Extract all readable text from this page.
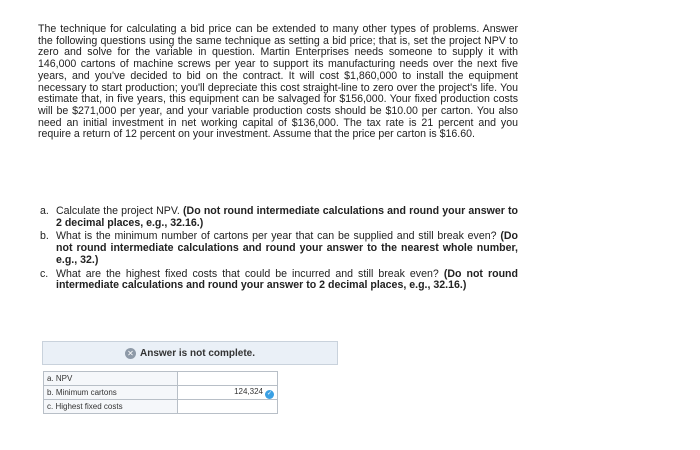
The technique for calculating a bid price can be extended to many other types of problems. Answer the following questions using the same technique as setting a bid price; that is, set the project NPV to zero and solve for the variable in question. Martin Enterprises needs someone to supply it with 146,000 cartons of machine screws per year to support its manufacturing needs over the next five years, and you've decided to bid on the contract. It will cost $1,860,000 to install the equipment necessary to start production; you'll depreciate this cost straight-line to zero over the project's life. You estimate that, in five years, this equipment can be salvaged for $156,000. Your fixed production costs will be $271,000 per year, and your variable production costs should be $10.00 per carton. You also need an initial investment in net working capital of $136,000. The tax rate is 21 percent and you require a return of 12 percent on your investment. Assume that the price per carton is $16.60.

a. Calculate the project NPV. (Do not round intermediate calculations and round your answer to 2 decimal places, e.g., 32.16.)
b. What is the minimum number of cartons per year that can be supplied and still break even? (Do not round intermediate calculations and round your answer to the nearest whole number, e.g., 32.)
c. What are the highest fixed costs that could be incurred and still break even? (Do not round intermediate calculations and round your answer to 2 decimal places, e.g., 32.16.)
✕ Answer is not complete.
a. NPV	
b. Minimum cartons	124,324 ✓
c. Highest fixed costs	
